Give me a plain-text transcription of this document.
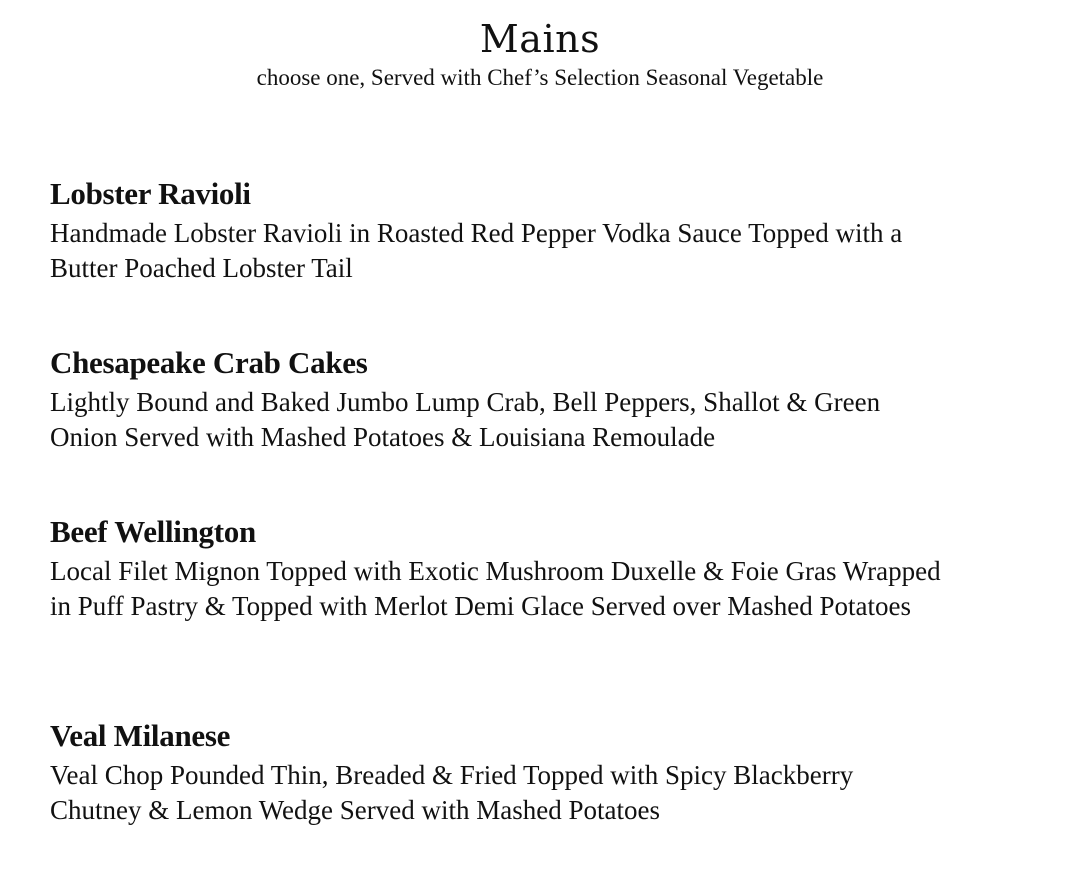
Mains

choose one, Served with Chef’s Selection Seasonal Vegetable

Lobster Ravioli

Handmade Lobster Ravioli in Roasted Red Pepper Vodka Sauce Topped with a Butter Poached Lobster Tail

Chesapeake Crab Cakes

Lightly Bound and Baked Jumbo Lump Crab, Bell Peppers, Shallot & Green Onion Served with Mashed Potatoes & Louisiana Remoulade

Beef Wellington

Local Filet Mignon Topped with Exotic Mushroom Duxelle & Foie Gras Wrapped in Puff Pastry & Topped with Merlot Demi Glace Served over Mashed Potatoes

Veal Milanese

Veal Chop Pounded Thin, Breaded & Fried Topped with Spicy Blackberry Chutney & Lemon Wedge Served with Mashed Potatoes
